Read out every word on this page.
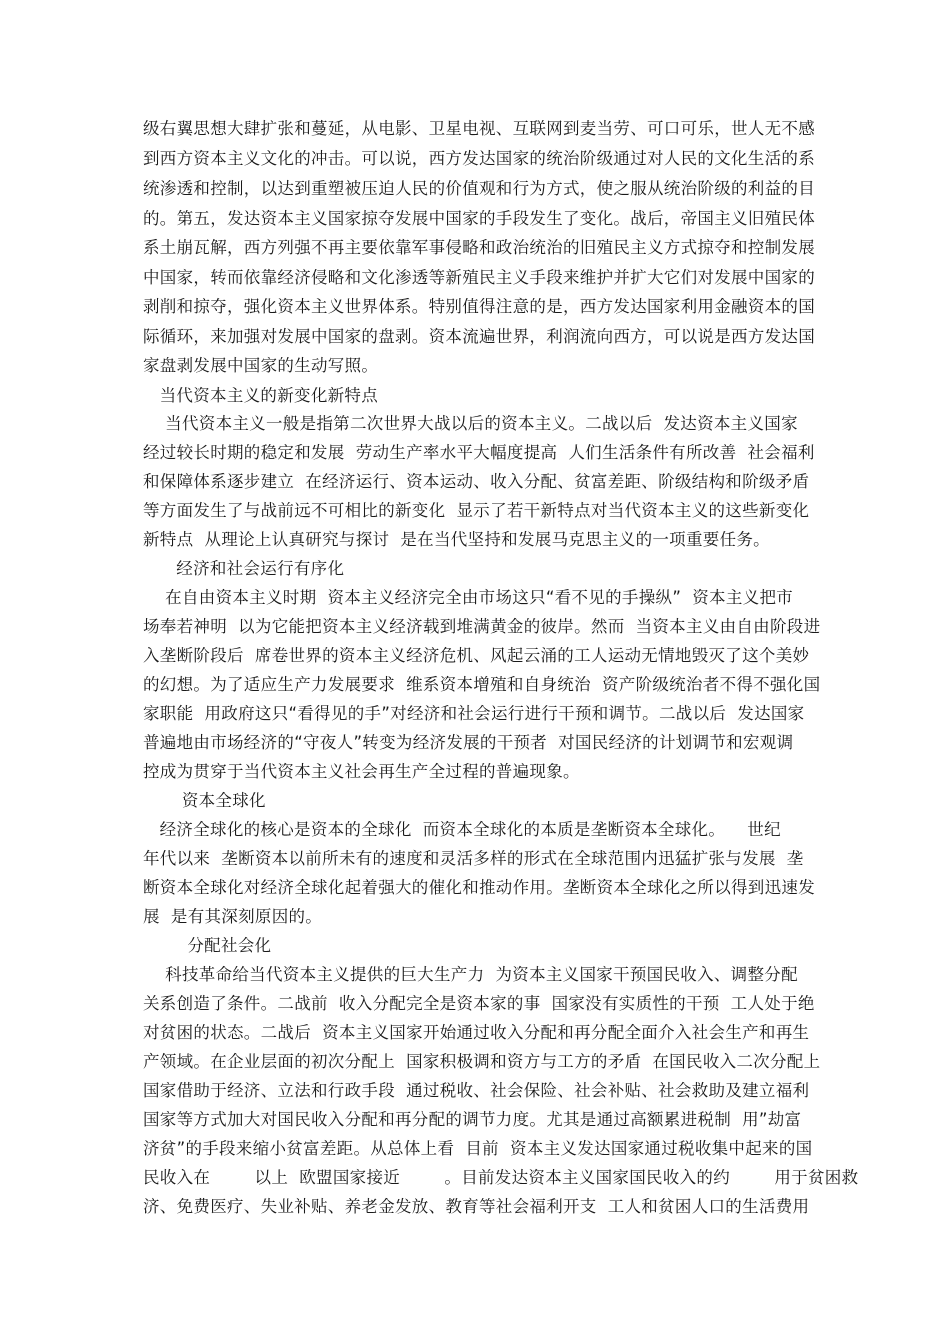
级右翼思想大肆扩张和蔓延，从电影、卫星电视、互联网到麦当劳、可口可乐，世人无不感
到西方资本主义文化的冲击。可以说，西方发达国家的统治阶级通过对人民的文化生活的系
统渗透和控制，以达到重塑被压迫人民的价值观和行为方式，使之服从统治阶级的利益的目
的。第五，发达资本主义国家掠夺发展中国家的手段发生了变化。战后，帝国主义旧殖民体
系土崩瓦解，西方列强不再主要依靠军事侵略和政治统治的旧殖民主义方式掠夺和控制发展
中国家，转而依靠经济侵略和文化渗透等新殖民主义手段来维护并扩大它们对发展中国家的
剥削和掠夺，强化资本主义世界体系。特别值得注意的是，西方发达国家利用金融资本的国
际循环，来加强对发展中国家的盘剥。资本流遍世界，利润流向西方，可以说是西方发达国
家盘剥发展中国家的生动写照。
当代资本主义的新变化新特点
当代资本主义一般是指第二次世界大战以后的资本主义。二战以后  发达资本主义国家
经过较长时期的稳定和发展  劳动生产率水平大幅度提高  人们生活条件有所改善  社会福利
和保障体系逐步建立  在经济运行、资本运动、收入分配、贫富差距、阶级结构和阶级矛盾
等方面发生了与战前远不可相比的新变化  显示了若干新特点对当代资本主义的这些新变化
新特点  从理论上认真研究与探讨  是在当代坚持和发展马克思主义的一项重要任务。
经济和社会运行有序化
在自由资本主义时期  资本主义经济完全由市场这只“看不见的手操纵”  资本主义把市
场奉若神明  以为它能把资本主义经济载到堆满黄金的彼岸。然而  当资本主义由自由阶段进
入垄断阶段后  席卷世界的资本主义经济危机、风起云涌的工人运动无情地毁灭了这个美妙
的幻想。为了适应生产力发展要求  维系资本增殖和自身统治  资产阶级统治者不得不强化国
家职能  用政府这只“看得见的手”对经济和社会运行进行干预和调节。二战以后  发达国家
普遍地由市场经济的“守夜人”转变为经济发展的干预者  对国民经济的计划调节和宏观调
控成为贯穿于当代资本主义社会再生产全过程的普遍现象。
资本全球化
经济全球化的核心是资本的全球化  而资本全球化的本质是垄断资本全球化。    世纪
年代以来  垄断资本以前所未有的速度和灵活多样的形式在全球范围内迅猛扩张与发展  垄
断资本全球化对经济全球化起着强大的催化和推动作用。垄断资本全球化之所以得到迅速发
展  是有其深刻原因的。
分配社会化
科技革命给当代资本主义提供的巨大生产力  为资本主义国家干预国民收入、调整分配
关系创造了条件。二战前  收入分配完全是资本家的事  国家没有实质性的干预  工人处于绝
对贫困的状态。二战后  资本主义国家开始通过收入分配和再分配全面介入社会生产和再生
产领域。在企业层面的初次分配上  国家积极调和资方与工方的矛盾  在国民收入二次分配上
国家借助于经济、立法和行政手段  通过税收、社会保险、社会补贴、社会救助及建立福利
国家等方式加大对国民收入分配和再分配的调节力度。尤其是通过高额累进税制  用”劫富
济贫”的手段来缩小贫富差距。从总体上看  目前  资本主义发达国家通过税收集中起来的国
民收入在        以上  欧盟国家接近        。目前发达资本主义国家国民收入的约        用于贫困救
济、免费医疗、失业补贴、养老金发放、教育等社会福利开支  工人和贫困人口的生活费用
